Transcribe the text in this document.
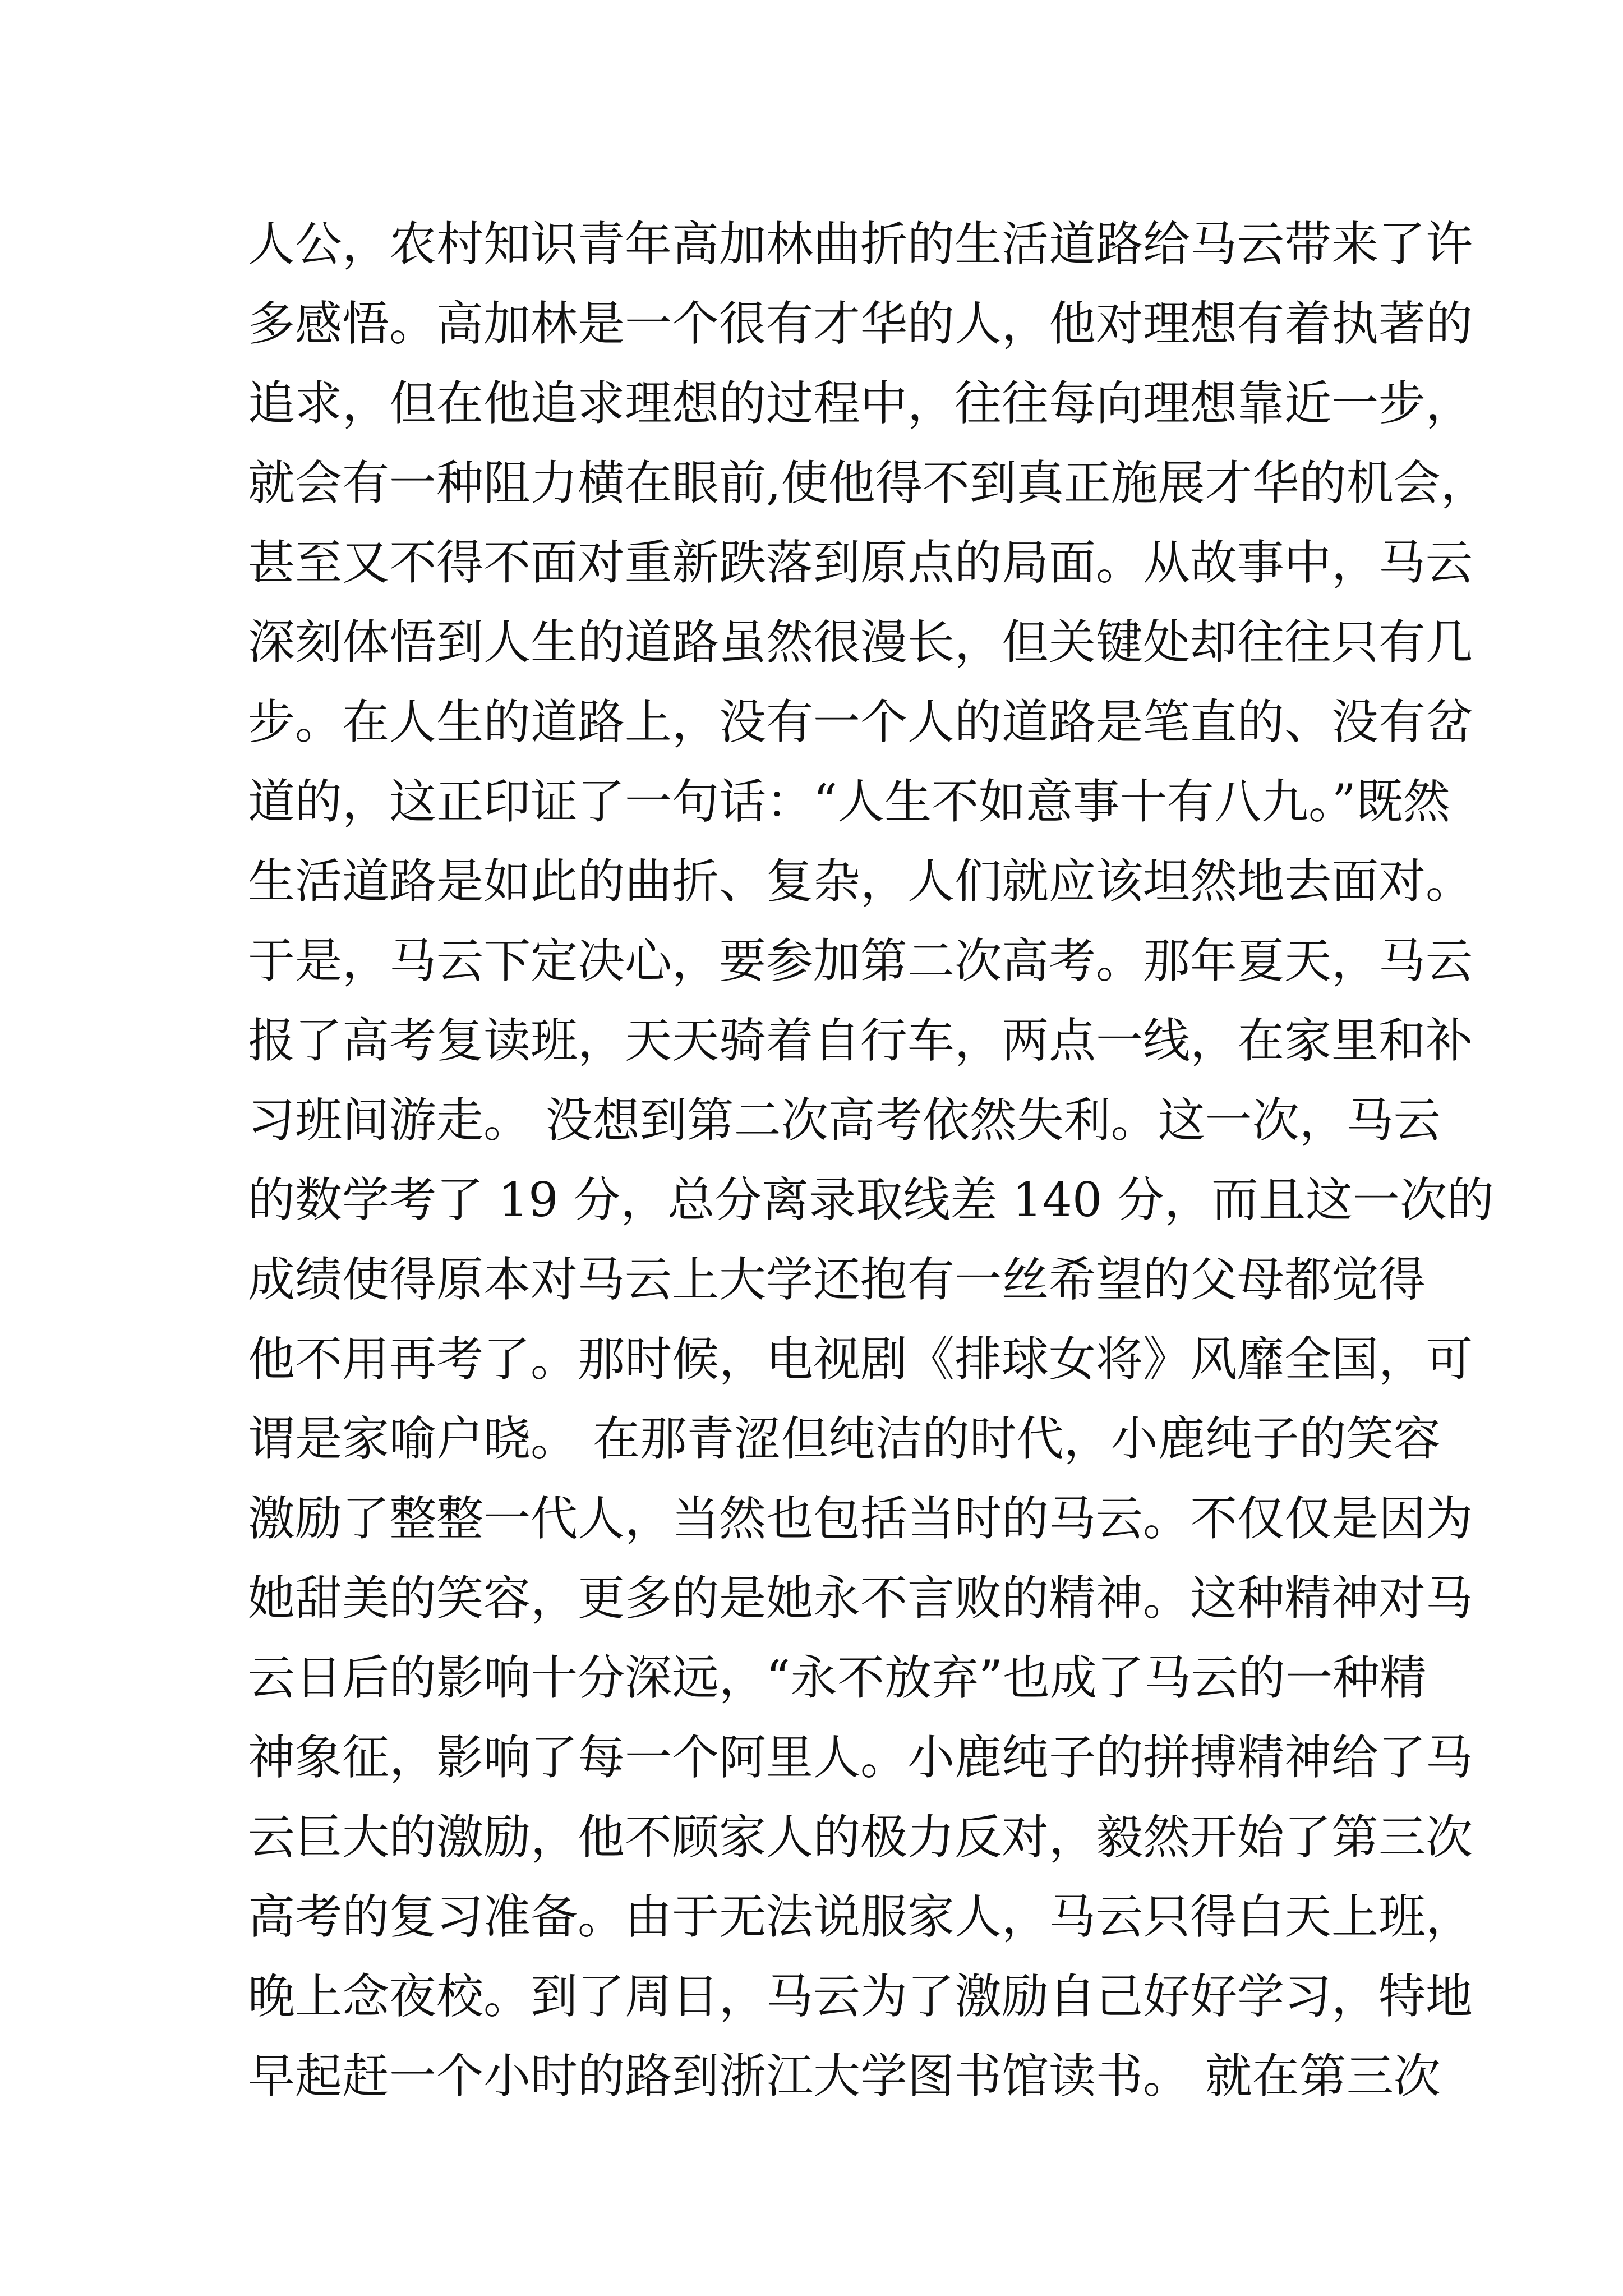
人公，农村知识青年高加林曲折的生活道路给马云带来了许
多感悟。高加林是一个很有才华的人，他对理想有着执著的
追求，但在他追求理想的过程中，往往每向理想靠近一步，
就会有一种阻力横在眼前,使他得不到真正施展才华的机会，
甚至又不得不面对重新跌落到原点的局面。从故事中，马云
深刻体悟到人生的道路虽然很漫长，但关键处却往往只有几
步。在人生的道路上，没有一个人的道路是笔直的、没有岔
道的，这正印证了一句话：“人生不如意事十有八九。”既然
生活道路是如此的曲折、复杂，人们就应该坦然地去面对。
于是，马云下定决心，要参加第二次高考。那年夏天，马云
报了高考复读班，天天骑着自行车，两点一线，在家里和补
习班间游走。 没想到第二次高考依然失利。这一次，马云
的数学考了 19 分，总分离录取线差 140 分，而且这一次的
成绩使得原本对马云上大学还抱有一丝希望的父母都觉得
他不用再考了。那时候，电视剧《排球女将》风靡全国，可
谓是家喻户晓。 在那青涩但纯洁的时代，小鹿纯子的笑容
激励了整整一代人，当然也包括当时的马云。不仅仅是因为
她甜美的笑容，更多的是她永不言败的精神。这种精神对马
云日后的影响十分深远，“永不放弃”也成了马云的一种精
神象征，影响了每一个阿里人。小鹿纯子的拼搏精神给了马
云巨大的激励，他不顾家人的极力反对，毅然开始了第三次
高考的复习准备。由于无法说服家人，马云只得白天上班，
晚上念夜校。到了周日，马云为了激励自己好好学习，特地
早起赶一个小时的路到浙江大学图书馆读书。 就在第三次
